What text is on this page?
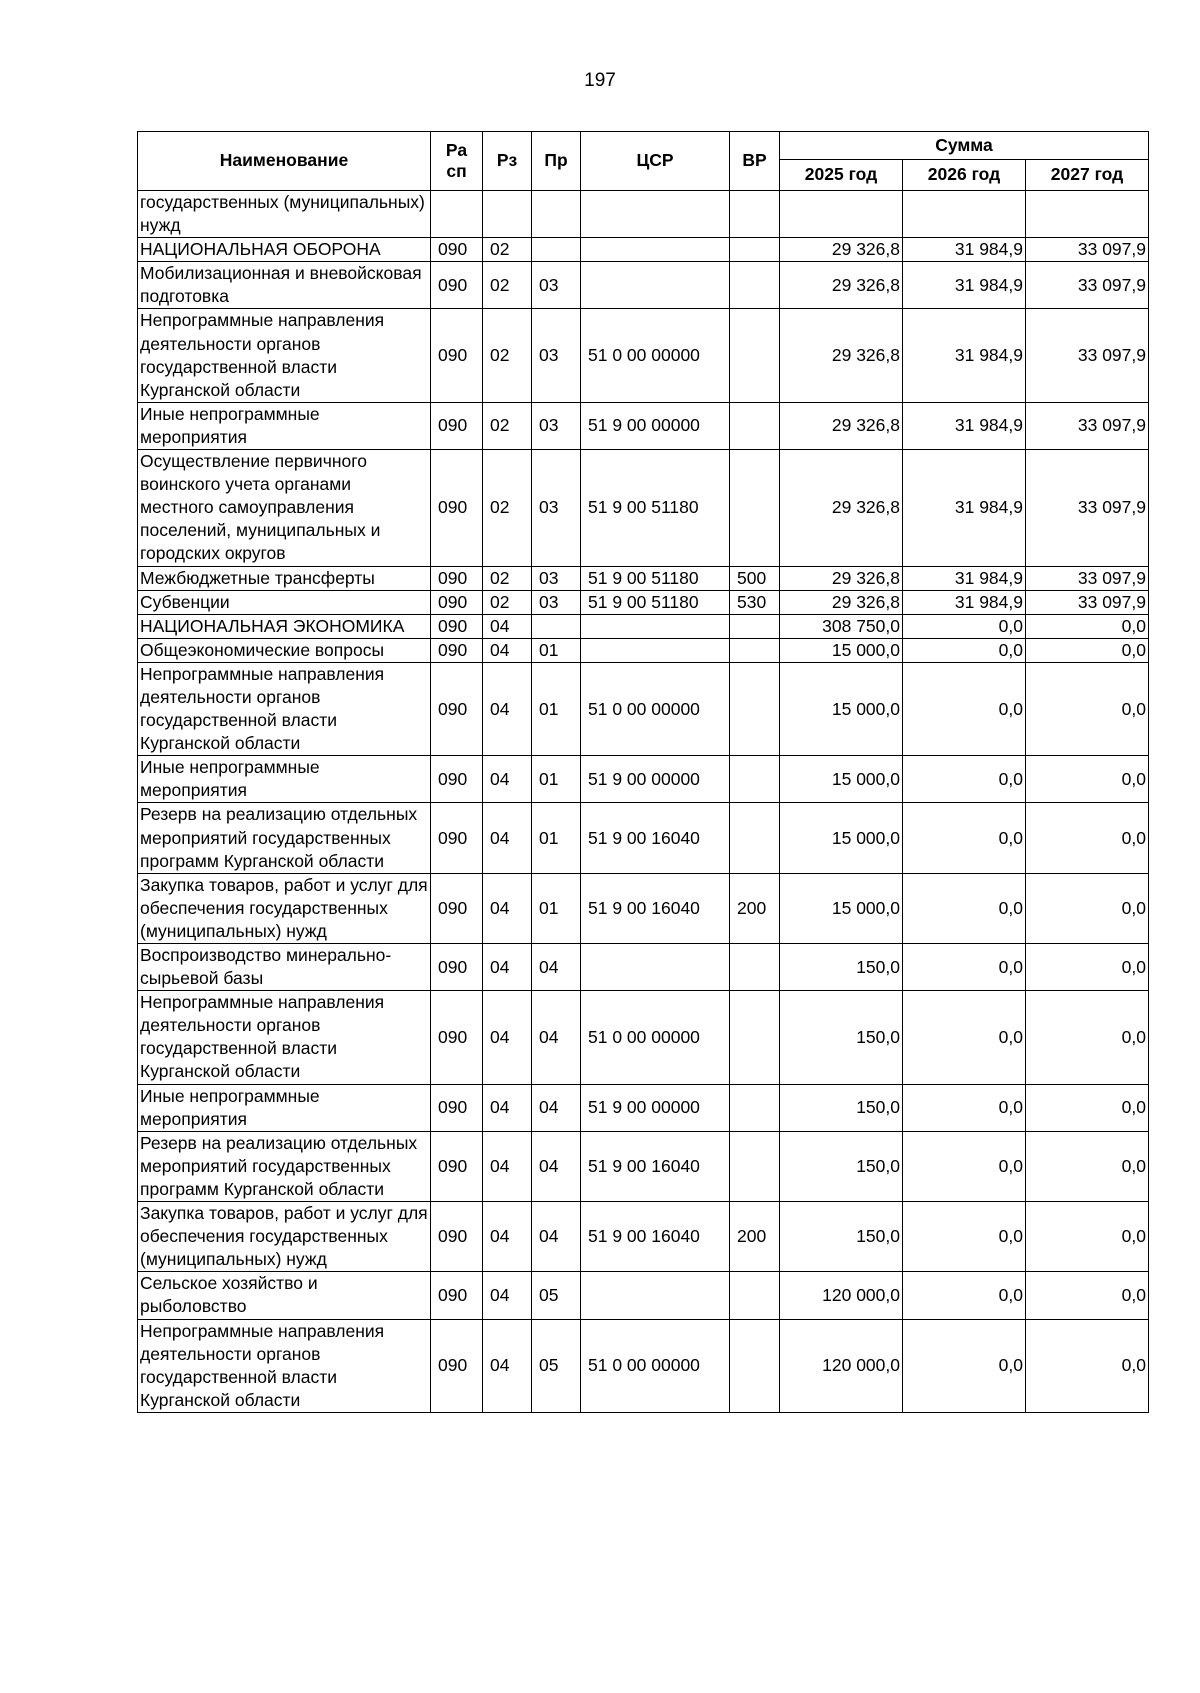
197
Наименование	Ра сп	Рз	Пр	ЦСР	ВР	Сумма		
						2025 год	2026 год	2027 год
государственных (муниципальных) нужд								
НАЦИОНАЛЬНАЯ ОБОРОНА	090	02				29 326,8	31 984,9	33 097,9
Мобилизационная и вневойсковая подготовка	090	02	03			29 326,8	31 984,9	33 097,9
Непрограммные направления деятельности органов государственной власти Курганской области	090	02	03	51 0 00 00000		29 326,8	31 984,9	33 097,9
Иные непрограммные мероприятия	090	02	03	51 9 00 00000		29 326,8	31 984,9	33 097,9
Осуществление первичного воинского учета органами местного самоуправления поселений, муниципальных и городских округов	090	02	03	51 9 00 51180		29 326,8	31 984,9	33 097,9
Межбюджетные трансферты	090	02	03	51 9 00 51180	500	29 326,8	31 984,9	33 097,9
Субвенции	090	02	03	51 9 00 51180	530	29 326,8	31 984,9	33 097,9
НАЦИОНАЛЬНАЯ ЭКОНОМИКА	090	04				308 750,0	0,0	0,0
Общеэкономические вопросы	090	04	01			15 000,0	0,0	0,0
Непрограммные направления деятельности органов государственной власти Курганской области	090	04	01	51 0 00 00000		15 000,0	0,0	0,0
Иные непрограммные мероприятия	090	04	01	51 9 00 00000		15 000,0	0,0	0,0
Резерв на реализацию отдельных мероприятий государственных программ Курганской области	090	04	01	51 9 00 16040		15 000,0	0,0	0,0
Закупка товаров, работ и услуг для обеспечения государственных (муниципальных) нужд	090	04	01	51 9 00 16040	200	15 000,0	0,0	0,0
Воспроизводство минерально-сырьевой базы	090	04	04			150,0	0,0	0,0
Непрограммные направления деятельности органов государственной власти Курганской области	090	04	04	51 0 00 00000		150,0	0,0	0,0
Иные непрограммные мероприятия	090	04	04	51 9 00 00000		150,0	0,0	0,0
Резерв на реализацию отдельных мероприятий государственных программ Курганской области	090	04	04	51 9 00 16040		150,0	0,0	0,0
Закупка товаров, работ и услуг для обеспечения государственных (муниципальных) нужд	090	04	04	51 9 00 16040	200	150,0	0,0	0,0
Сельское хозяйство и рыболовство	090	04	05			120 000,0	0,0	0,0
Непрограммные направления деятельности органов государственной власти Курганской области	090	04	05	51 0 00 00000		120 000,0	0,0	0,0
